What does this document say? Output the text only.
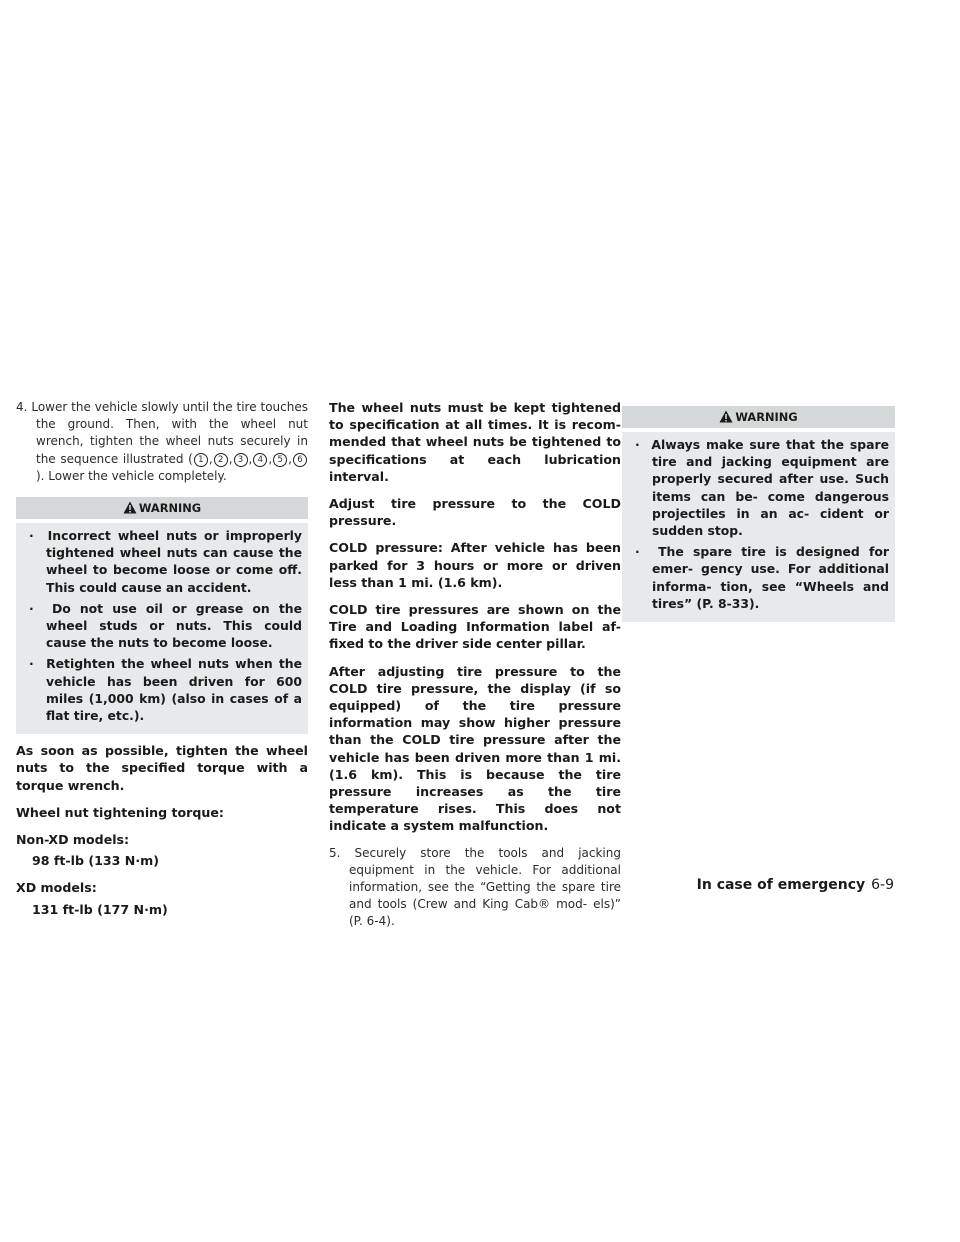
4. Lower the vehicle slowly until the tire touches the ground. Then, with the wheel nut wrench, tighten the wheel nuts securely in the sequence illustrated ( 1 , 2 , 3 , 4 , 5 , 6). Lower the vehicle completely.

WARNING

·  Incorrect wheel nuts or improperly tightened wheel nuts can cause the wheel to become loose or come off. This could cause an accident.

·  Do not use oil or grease on the wheel studs or nuts. This could cause the nuts to become loose.

·  Retighten the wheel nuts when the vehicle has been driven for 600 miles (1,000 km) (also in cases of a flat tire, etc.).

As soon as possible, tighten the wheel nuts to the specified torque with a torque wrench.

Wheel nut tightening torque:

Non-XD models:

98 ft-lb (133 N·m)

XD models:

131 ft-lb (177 N·m)

The wheel nuts must be kept tightened to specification at all times. It is recom- mended that wheel nuts be tightened to specifications at each lubrication interval.

Adjust tire pressure to the COLD pressure.

COLD pressure: After vehicle has been parked for 3 hours or more or driven less than 1 mi. (1.6 km).

COLD tire pressures are shown on the Tire and Loading Information label af- fixed to the driver side center pillar.

After adjusting tire pressure to the COLD tire pressure, the display (if so equipped) of the tire pressure information may show higher pressure than the COLD tire pressure after the vehicle has been driven more than 1 mi. (1.6 km). This is because the tire pressure increases as the tire temperature rises. This does not indicate a system malfunction.

5. Securely store the tools and jacking equipment in the vehicle. For additional information, see the “Getting the spare tire and tools (Crew and King Cab® mod- els)” (P. 6-4).

WARNING

·  Always make sure that the spare tire and jacking equipment are properly secured after use. Such items can be- come dangerous projectiles in an ac- cident or sudden stop.

·  The spare tire is designed for emer- gency use. For additional informa- tion, see “Wheels and tires” (P. 8-33).

In case of emergency 6-9
